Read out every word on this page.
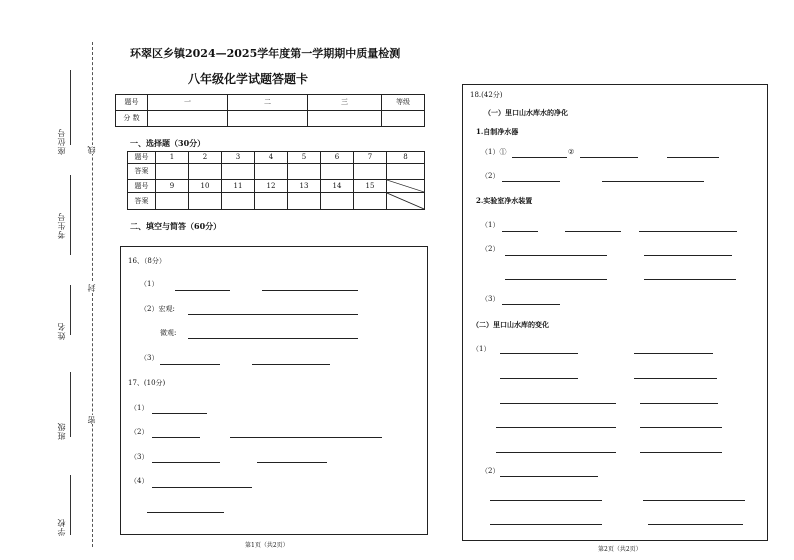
座位号
考生号
姓名
班级
学校
线
封
密
环翠区乡镇2024—2025学年度第一学期期中质量检测
八年级化学试题答题卡
题号	一	二	三	等级
分 数				
一、选择题（30分）
题号	1	2	3	4	5	6	7	8
答案								
题号	9	10	11	12	13	14	15	

答案								
二、填空与简答（60分）
16、（8分）
（1）
（2）宏观:
微观:
（3）
17、(10分)
（1）
（2）
（3）
（4）
第1页（共2页）
18.(42分)
（一）里口山水库水的净化
1.自制净水器
（1）①	②
（2）
2.实验室净水装置
（1）
（2）
（3）
（二）里口山水库的变化
（1）
（2）
第2页（共2页）
